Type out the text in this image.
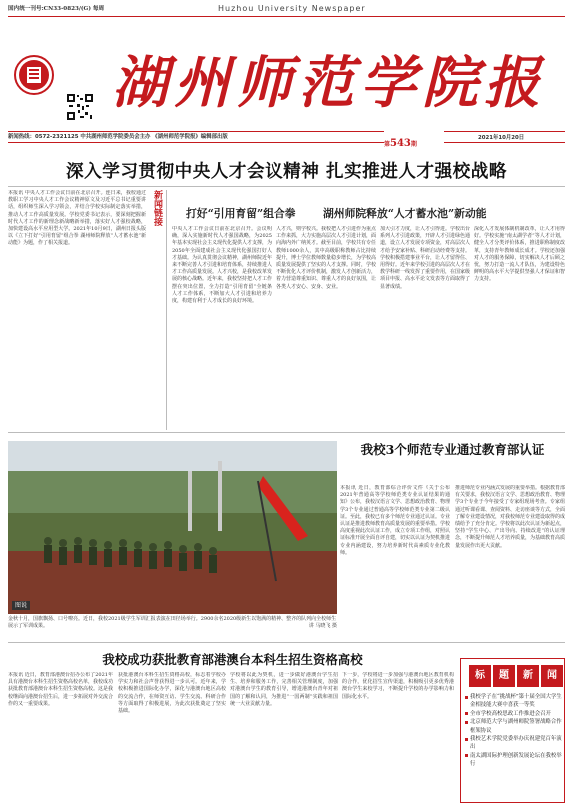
国内统一刊号:CN33-0823/(G) 每周	Huzhou University Newspaper
湖州师范学院报
新闻热线：0572-2321125 中共湖州师范学院委员会主办 《湖州师范学院报》编辑部出版
第543期
2021年10月20日
深入学习贯彻中央人才会议精神 扎实推进人才强校战略
本报讯 中央人才工作会议日前在北京召开。连日来，我校通过教职工学习中央人才工作会议精神原文及习近平总书记重要讲话，组织师生深入学习领会，并结合学校实际制定落实举措，推动人才工作高质量发展。学校党委书记表示，要深刻把握新时代人才工作的新理念新战略新举措，落实好人才强校战略，加快建设高水平应用型大学。2021年10月9日，湖州日报头版以《立下打好“引用育留”组合拳 湖州师院释放“人才蓄水池”新动能》为题，作了相关报道。
新闻链接 打好“引用育留”组合拳	湖州师院释放“人才蓄水池”新动能
中央人才工作会议日前在北京召开。会议明确，深入实施新时代人才强国战略，为2025年基本实现社会主义现代化提供人才支撑，为2050年全面建成社会主义现代化强国打好人才基础。为认真贯彻会议精神，湖州师院近年来不断完善人才引进和培育体系，持续推进人才工作高质量发展。人才兴校，是我校改革发展的核心战略。近年来，我校坚持把人才工作摆在突出位置，全力打造“引用育留”全链条人才工作体系，不断加大人才引进和培养力度，构建有利于人才成长的良好环境。
人才兴，则学校兴。我校把人才引进作为重点工作来抓，大力实施高层次人才引进计划，面向海内外广纳英才。截至目前，学校共有专任教师1000余人，其中高级职称教师占比持续提升，博士学位教师数量稳步增长，为学校高质量发展提供了坚实的人才支撑。同时，学校不断优化人才评价机制，激发人才创新活力，着力营造尊重知识、尊重人才的良好氛围，让各类人才安心、安身、安业。
加大引才力度，让人才引得进。学校出台系列人才引进政策，开辟人才引进绿色通道，设立人才发展专项资金，对高层次人才给予安家补贴、科研启动经费等支持。学校积极搭建事业平台，让人才留得住、用得好。近年来学校引进的高层次人才在教学科研一线发挥了重要作用，在国家级项目申报、高水平论文发表等方面取得了显著成绩。
深化人才发展体制机制改革，让人才用得好。学校实施“南太湖学者”等人才计划，健全人才分类评价体系，推进职称制度改革，支持青年教师成长成才。学校还加强对人才的服务保障，切实解决人才后顾之忧，努力打造一流人才队伍，为建设特色鲜明的高水平大学提供坚强人才保证和智力支持。
图说
金秋十月，国旗飘扬、口号嘹亮。近日，我校2021级学生军训汇报表演在田径场举行。2900余名2020级新生以饱满的精神、整齐的队列向全校师生展示了军训成果。	讲 马晓飞 摄
我校3个师范专业通过教育部认证
本报讯 近日，教育部综合评价文件《关于公布2021年普通高等学校师范类专业认证结果的通知》公布，我校汉语言文学、思想政治教育、物理学3个专业通过普通高等学校师范类专业第二级认证。至此，我校已有多个师范专业通过认证。专业认证是推进教师教育高质量发展的重要举措。学校高度重视此次认证工作，成立专项工作组，对照认证标准开展全面自评自建，切实以认证为契机推进专业内涵建设，努力培养新时代高素质专业化教师。
推进师范专业内涵式发展的重要举措。根据教育部有关要求，我校汉语言文学、思想政治教育、物理学3个专业于今年接受了专家组现场考查。专家组通过听课看课、查阅资料、走访座谈等方式，全面了解专业建设情况，对我校师范专业建设取得的成绩给予了充分肯定。学校将以此次认证为新起点，坚持“学生中心、产出导向、持续改进”的认证理念，不断提升师范人才培养质量，为基础教育高质量发展作出更大贡献。
我校成功获批教育部港澳台本科生招生资格高校
本报讯 近日，教育部港澳台招办公布了2021年具有港澳台本科生招生资格高校名单，我校成功获批教育部港澳台本科生招生资格高校。这是我校继面向港澳台招生后，进一步拓展对外交流合作的又一重要成果。
获批港澳台本科生招生资格高校，标志着学校办学实力和社会声誉获得进一步认可。近年来，学校积极推进国际化办学，深化与港澳台地区高校的交流合作，在师资互访、学生交流、科研合作等方面取得了积极进展，为此次获批奠定了坚实基础。
学校将以此为契机，进一步做好港澳台学生招生、培养和服务工作，完善相关管理制度，加强对港澳台学生的教育引导，增进港澳台青年对祖国的了解和认同，为推进“一国两制”实践和祖国统一大业贡献力量。
下一步，学校将进一步加强与港澳台地区教育机构的合作，优化招生宣传渠道，积极吸引更多优秀港澳台学生来校学习，不断提升学校的办学影响力和国际化水平。
标	题	新	闻
我校学子在“挑战杯”第十届全国大学生金相技能大赛中喜获一等奖
全市学校高校思政工作推进会召开
北京师范大学与湖州师院签署战略合作框架协议
我校艺术学院党委举办庆祝建党百年演出
南太湖国际护理创新发展论坛在我校举行
